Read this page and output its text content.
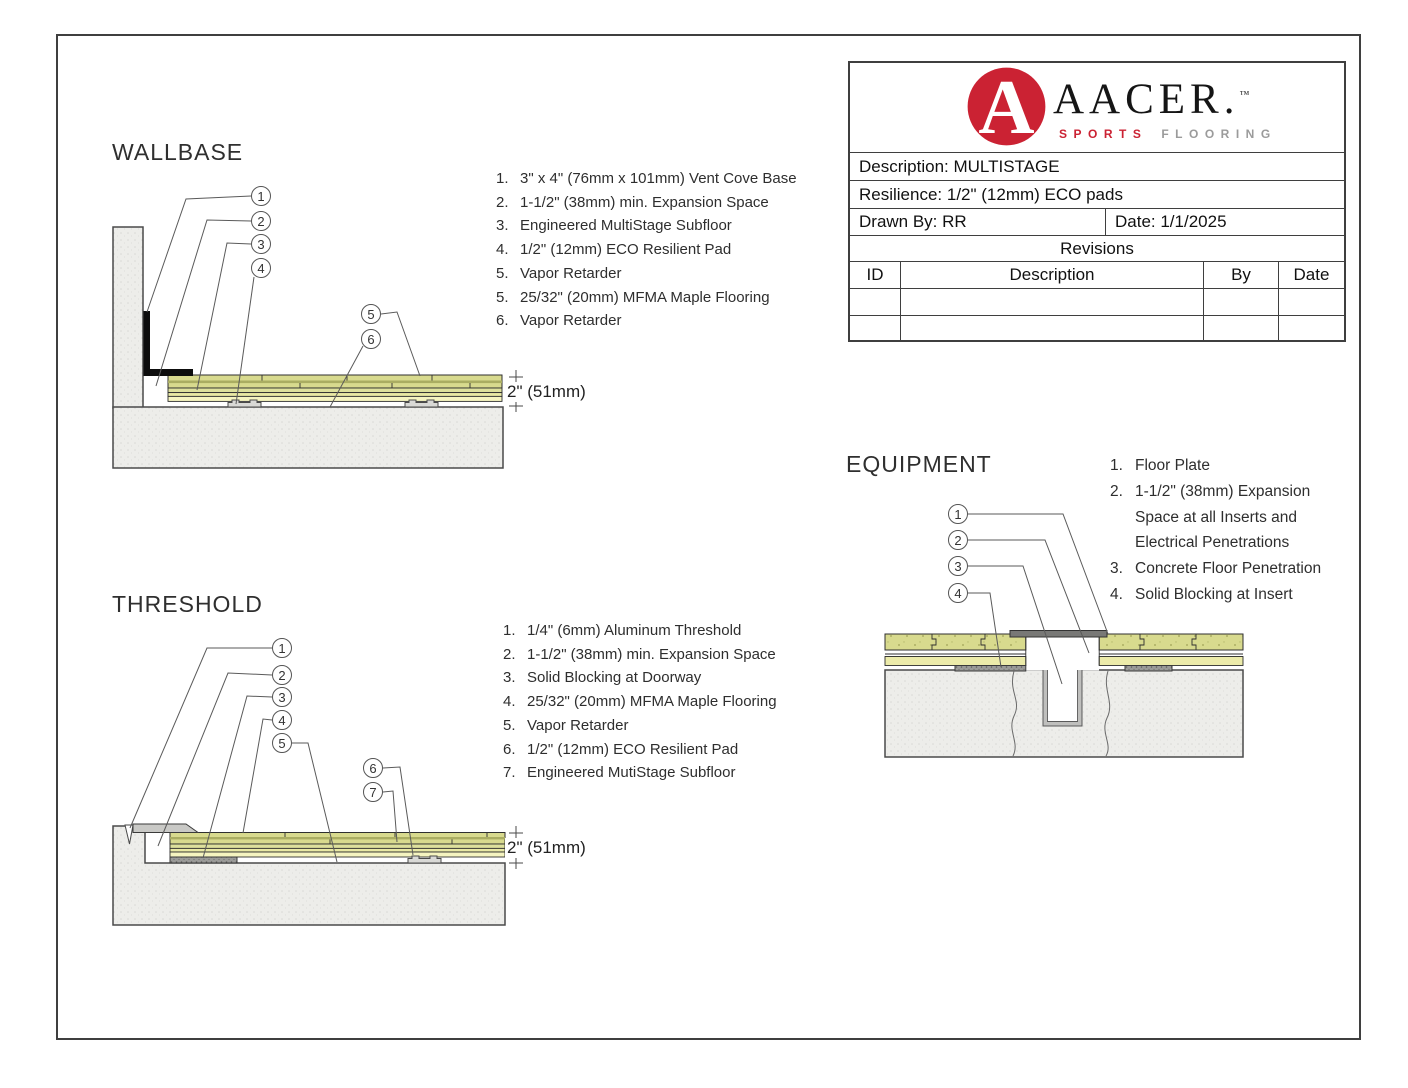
WALLBASE
THRESHOLD
EQUIPMENT
1. 3" x 4" (76mm x 101mm) Vent Cove Base
2. 1-1/2" (38mm) min. Expansion Space
3. Engineered MultiStage Subfloor
4. 1/2" (12mm) ECO Resilient Pad
5. Vapor Retarder
5. 25/32" (20mm) MFMA Maple Flooring
6. Vapor Retarder
1. 1/4" (6mm) Aluminum Threshold
2. 1-1/2" (38mm) min. Expansion Space
3. Solid Blocking at Doorway
4. 25/32" (20mm) MFMA Maple Flooring
5. Vapor Retarder
6. 1/2" (12mm) ECO Resilient Pad
7. Engineered MutiStage Subfloor
1. Floor Plate
2. 1-1/2" (38mm) Expansion
Space at all Inserts and
Electrical Penetrations
3. Concrete Floor Penetration
4. Solid Blocking at Insert
1
2
3
4
5
6
1
2
3
4
5
6
7
1
2
3
4
2" (51mm)
2" (51mm)
A AACER.™
SPORTS FLOORING
Description: MULTISTAGE
Resilience: 1/2" (12mm) ECO pads
Drawn By: RR	Date: 1/1/2025
Revisions
ID	Description	By	Date
